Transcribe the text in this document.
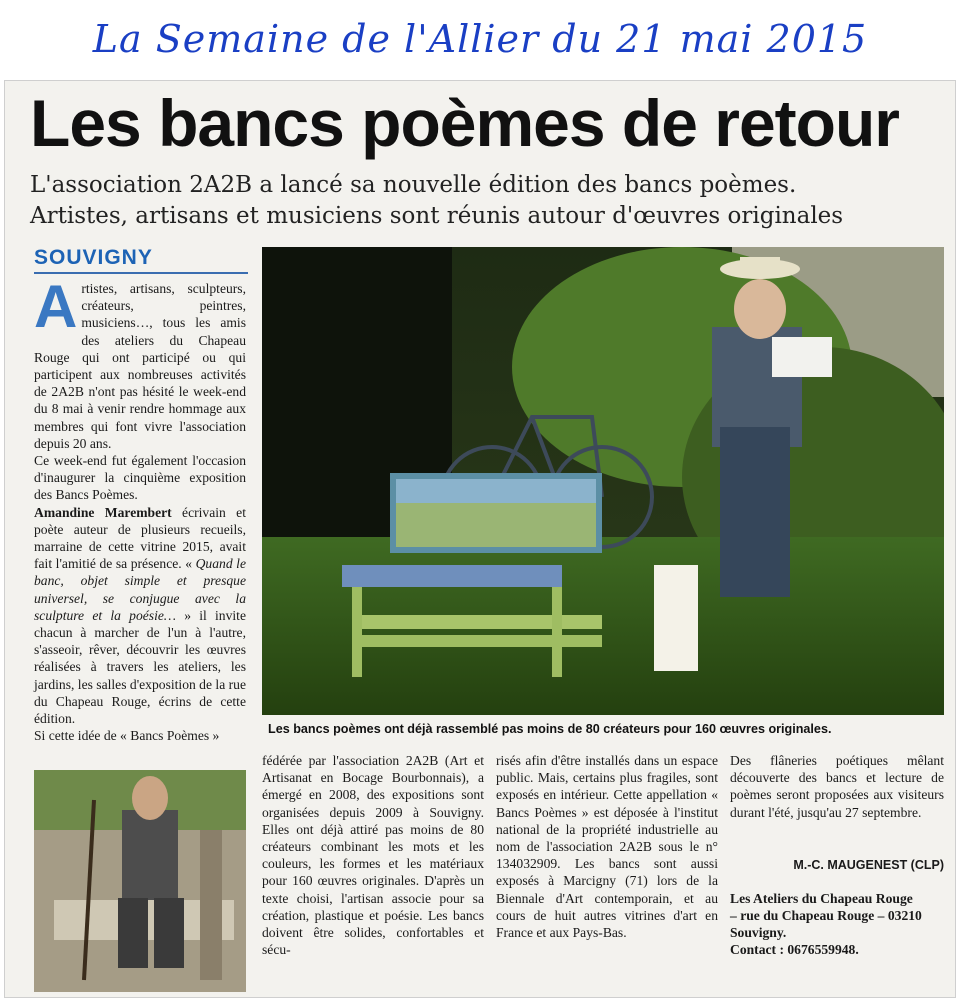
La Semaine de l'Allier du 21 mai 2015
Les bancs poèmes de retour
L'association 2A2B a lancé sa nouvelle édition des bancs poèmes.
Artistes, artisans et musiciens sont réunis autour d'œuvres originales
SOUVIGNY

Artistes, artisans, sculpteurs, créateurs, peintres, musiciens…, tous les amis des ateliers du Chapeau Rouge qui ont participé ou qui participent aux nombreuses activités de 2A2B n'ont pas hésité le week-end du 8 mai à venir rendre hommage aux membres qui font vivre l'association depuis 20 ans.

Ce week-end fut également l'occasion d'inaugurer la cinquième exposition des Bancs Poèmes.

Amandine Marembert écrivain et poète auteur de plusieurs recueils, marraine de cette vitrine 2015, avait fait l'amitié de sa présence. « Quand le banc, objet simple et presque universel, se conjugue avec la sculpture et la poésie… » il invite chacun à marcher de l'un à l'autre, s'asseoir, rêver, découvrir les œuvres réalisées à travers les ateliers, les jardins, les salles d'exposition de la rue du Chapeau Rouge, écrins de cette édition.

Si cette idée de « Bancs Poèmes »	Les bancs poèmes ont déjà rassemblé pas moins de 80 créateurs pour 160 œuvres originales.

fédérée par l'association 2A2B (Art et Artisanat en Bocage Bourbonnais), a émergé en 2008, des expositions sont organisées depuis 2009 à Souvigny. Elles ont déjà attiré pas moins de 80 créateurs combinant les mots et les couleurs, les formes et les matériaux pour 160 œuvres originales. D'après un texte choisi, l'artisan associe pour sa création, plastique et poésie. Les bancs doivent être solides, confortables et sécu-

risés afin d'être installés dans un espace public. Mais, certains plus fragiles, sont exposés en intérieur. Cette appellation « Bancs Poèmes » est déposée à l'institut national de la propriété industrielle au nom de l'association 2A2B sous le n° 134032909. Les bancs sont aussi exposés à Marcigny (71) lors de la Biennale d'Art contemporain, et au cours de huit autres vitrines d'art en France et aux Pays-Bas.

Des flâneries poétiques mêlant découverte des bancs et lecture de poèmes seront proposées aux visiteurs durant l'été, jusqu'au 27 septembre.

M.-C. MAUGENEST (CLP)
Les Ateliers du Chapeau Rouge
– rue du Chapeau Rouge – 03210
Souvigny.
Contact : 0676559948.
